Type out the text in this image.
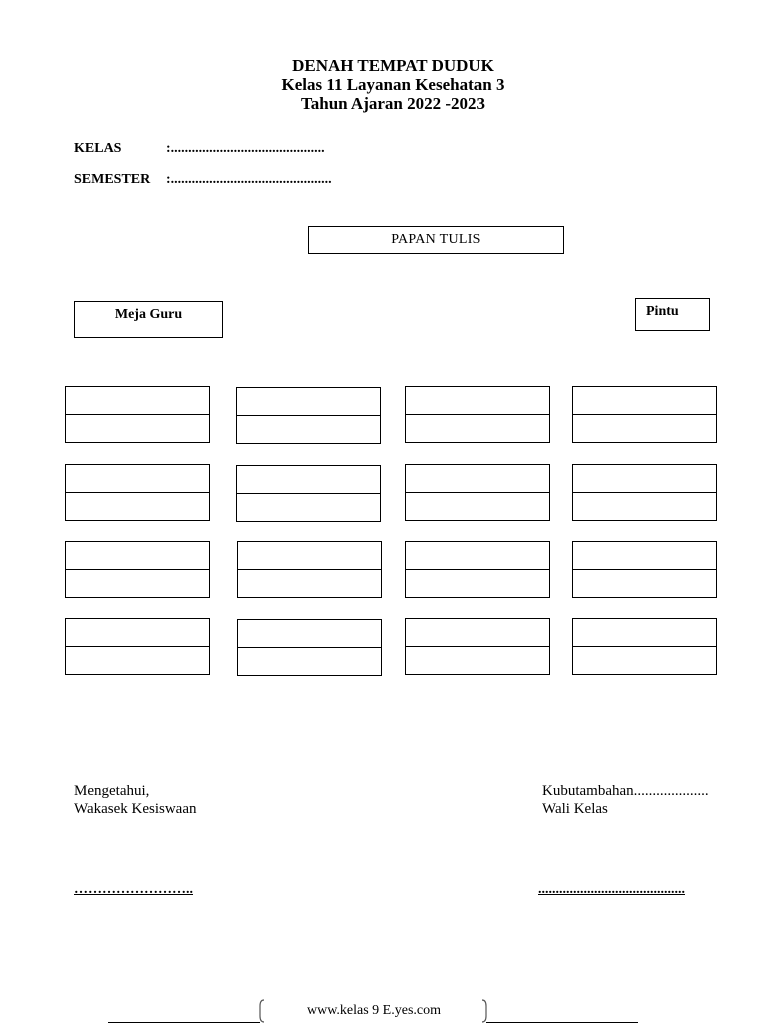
DENAH TEMPAT DUDUK
Kelas 11 Layanan Kesehatan 3
Tahun Ajaran 2022 -2023
KELAS	:............................................
SEMESTER :..............................................
PAPAN TULIS
Meja Guru	Pintu
Mengetahui,
Wakasek Kesiswaan
……………………..
Kubutambahan....................
Wali Kelas
..........................................
www.kelas 9 E.yes.com
